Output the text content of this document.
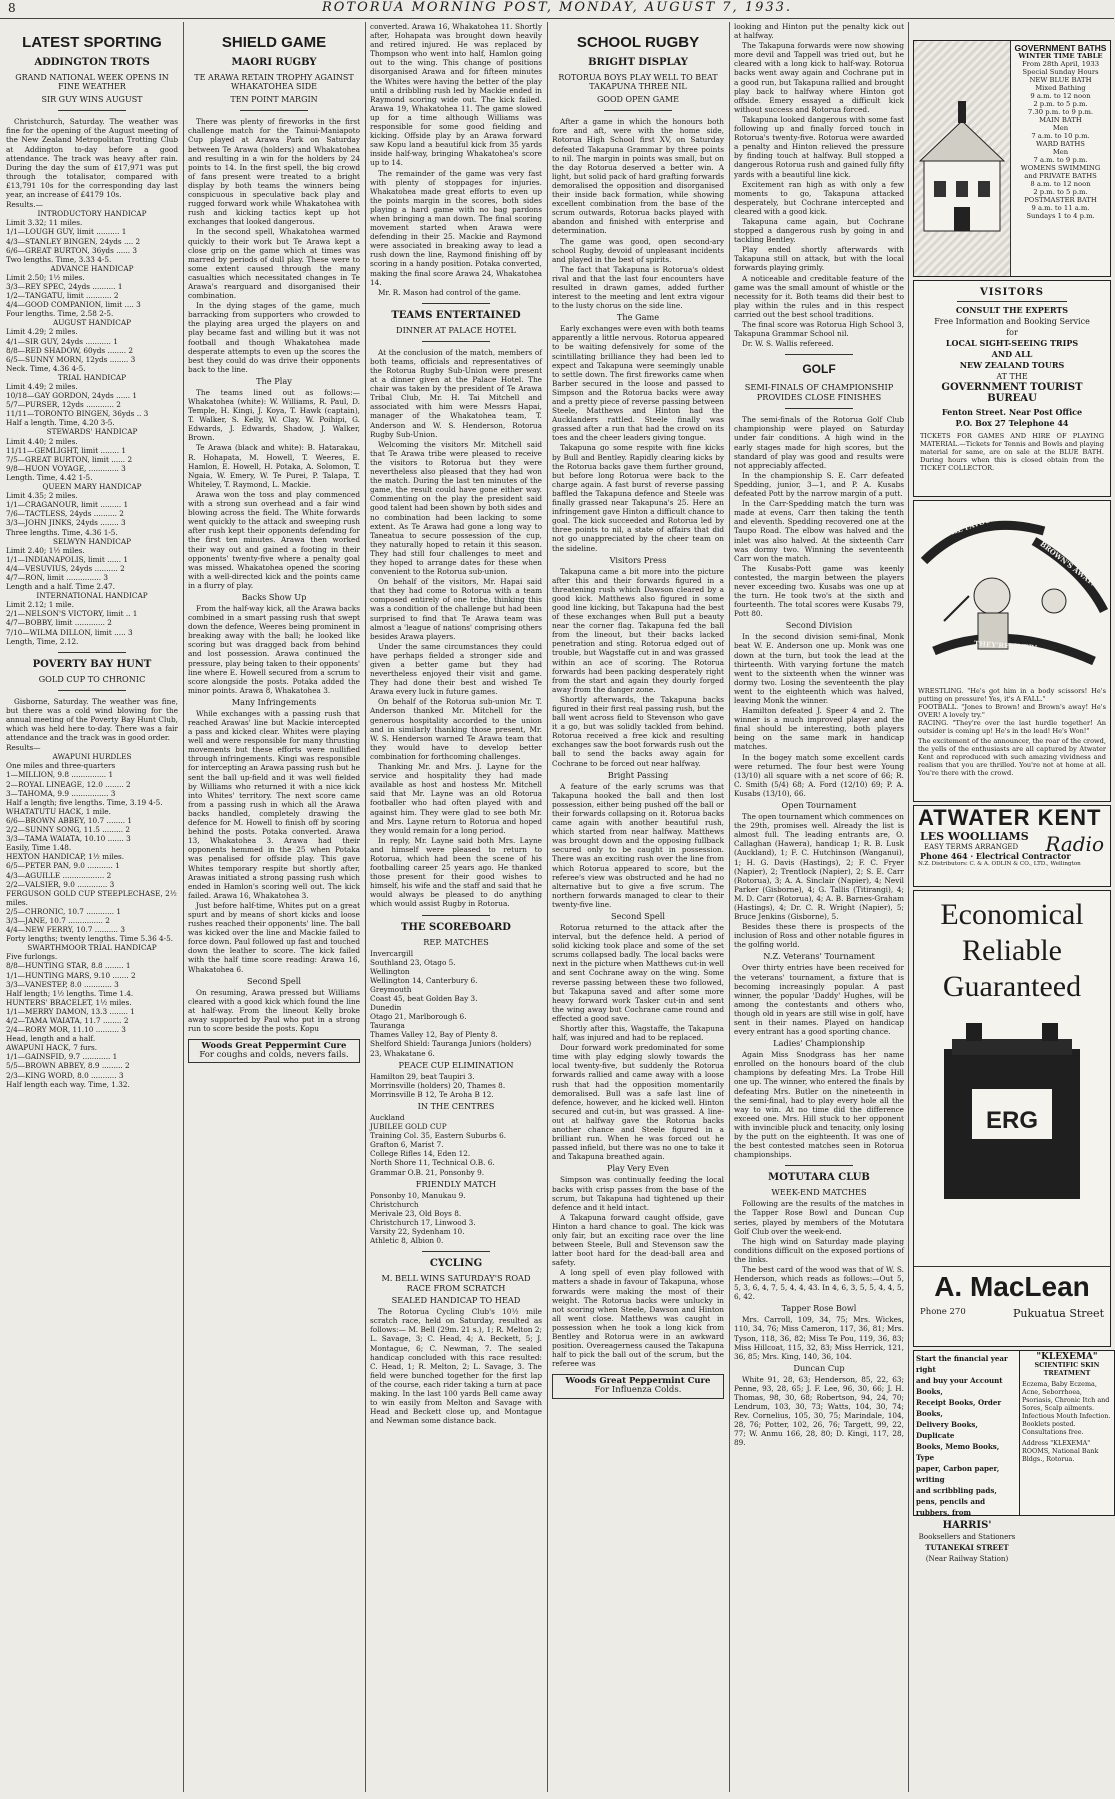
8	ROTORUA MORNING POST, MONDAY, AUGUST 7, 1933.
LATEST SPORTING
ADDINGTON TROTS
GRAND NATIONAL WEEK OPENS IN FINE WEATHER
SIR GUY WINS AUGUST

Christchurch, Saturday. The weather was fine for the opening of the August meeting of the New Zealand Metropolitan Trotting Club at Addington to-day before a good attendance. The track was heavy after rain. During the day the sum of £17,971 was put through the totalisator, compared with £13,791 10s for the corresponding day last year, an increase of £4179 10s.

Results.—
INTRODUCTORY HANDICAP
Limit 3.32; 11 miles.
1/1—LOUGH GUY, limit .......... 1
4/3—STANLEY BINGEN, 24yds .... 2
6/6—GREAT BURTON, 36yds ...... 3
Two lengths. Time, 3.33 4-5.
ADVANCE HANDICAP
Limit 2.50; 1½ miles.
3/3—REY SPEC, 24yds .......... 1
1/2—TANGATU, limit ........... 2
4/4—GOOD COMPANION, limit .... 3
Four lengths. Time, 2.58 2-5.
AUGUST HANDICAP
Limit 4.29; 2 miles.
4/1—SIR GUY, 24yds ........... 1
8/8—RED SHADOW, 60yds ........ 2
6/5—SUNNY MORN, 12yds ........ 3
Neck. Time, 4.36 4-5.
TRIAL HANDICAP
Limit 4.49; 2 miles.
10/18—GAY GORDON, 24yds ...... 1
5/7—PURSER, 12yds ............ 2
11/11—TORONTO BINGEN, 36yds .. 3
Half a length. Time, 4.20 3-5.
STEWARDS' HANDICAP
Limit 4.40; 2 miles.
11/11—GEMLIGHT, limit ........ 1
7/5—GREAT BURTON, limit ...... 2
9/8—HUON VOYAGE, ............. 3
Length. Time, 4.42 1-5.
QUEEN MARY HANDICAP
Limit 4.35; 2 miles.
1/1—CRAGANOUR, limit ......... 1
7/6—TACTLESS, 24yds .......... 2
3/3—JOHN JINKS, 24yds ........ 3
Three lengths. Time, 4.36 1-5.
SELWYN HANDICAP
Limit 2.40; 1½ miles.
1/1—INDIANAPOLIS, limit ...... 1
4/4—VESUVIUS, 24yds .......... 2
4/7—RON, limit ............... 3
Length and a half. Time 2.47.
INTERNATIONAL HANDICAP
Limit 2.12; 1 mile.
2/1—NELSON'S VICTORY, limit .. 1
4/7—BOBBY, limit ............. 2
7/10—WILMA DILLON, limit ..... 3
Length, Time, 2.12.
POVERTY BAY HUNT
GOLD CUP TO CHRONIC

Gisborne, Saturday. The weather was fine, but there was a cold wind blowing for the annual meeting of the Poverty Bay Hunt Club, which was held here to-day. There was a fair attendance and the track was in good order.

Results—
AWAPUNI HURDLES
One miles and three-quarters
1—MILLION, 9.8 ............... 1
2—ROYAL LINEAGE, 12.0 ........ 2
3—TAHOMA, 9.9 ................ 3
Half a length; five lengths. Time, 3.19 4-5.
WHATATUTU HACK, 1 mile.
6/6—BROWN ABBEY, 10.7 ........ 1
2/2—SUNNY SONG, 11.5 ......... 2
3/3—TAMA WAIATA, 10.10 ....... 3
Easily, Time 1.48.
HEXTON HANDICAP, 1½ miles.
6/5—PETER PAN, 9.0 ........... 1
4/3—AGUILLE .................. 2
2/2—VALSIER, 9.0 ............. 3
FERGUSON GOLD CUP STEEPLECHASE, 2½ miles.
2/5—CHRONIC, 10.7 ............ 1
3/3—JANE, 10.7 ............... 2
4/4—NEW FERRY, 10.7 .......... 3
Forty lengths; twenty lengths. Time 5.36 4-5.
SWARTHMOOR TRIAL HANDICAP
Five furlongs.
8/8—HUNTING STAR, 8.8 ........ 1
1/1—HUNTING MARS, 9.10 ....... 2
3/3—VANESTEP, 8.0 ............ 3
Half length; 1½ lengths. Time 1.4.
HUNTERS' BRACELET, 1½ miles.
1/1—MERRY DAMON, 13.3 ........ 1
4/2—TAMA WAIATA, 11.7 ........ 2
2/4—RORY MOR, 11.10 .......... 3
Head, length and a half.
AWAPUNI HACK, 7 furs.
1/1—GAINSFID, 9.7 ............ 1
5/5—BROWN ABBEY, 8.9 ......... 2
2/3—KING WORD, 8.0 ........... 3
Half length each way. Time, 1.32.
SHIELD GAME
MAORI RUGBY
TE ARAWA RETAIN TROPHY AGAINST WHAKATOHEA SIDE
TEN POINT MARGIN

There was plenty of fireworks in the first challenge match for the Tainui-Maniapoto Cup played at Arawa Park on Saturday between Te Arawa (holders) and Whakatohea and resulting in a win for the holders by 24 points to 14. In the first spell, the big crowd of fans present were treated to a bright display by both teams the winners being conspicuous in speculative back play and rugged forward work while Whakatohea with rush and kicking tactics kept up hot exchanges that looked dangerous.

In the second spell, Whakatohea warmed quickly to their work but Te Arawa kept a close grip on the game which at times was marred by periods of dull play. These were to some extent caused through the many casualties which necessitated changes in Te Arawa's rearguard and disorganised their combination.

In the dying stages of the game, much barracking from supporters who crowded to the playing area urged the players on and play became fast and willing but it was not football and though Whakatohea made desperate attempts to even up the scores the best they could do was drive their opponents back to the line.

The Play

The teams lined out as follows:— Whakatohea (white): W. Williams, R. Paul, D. Temple, H. Kingi, J. Koya, T. Hawk (captain), T. Walker, S. Kelly, W. Clay, W. Poihipi, G. Edwards, J. Edwards, Shadow, J. Walker, Brown.

Te Arawa (black and white): B. Hatarakau, R. Hohapata, M. Howell, T. Weeres, E. Hamlon, E. Howell, H. Potaka, A. Solomon, T. Ngaia, W. Emery, W. Te Purei, P. Talapa, T. Whiteley, T. Raymond, L. Mackie.

Arawa won the toss and play commenced with a strong sun overhead and a fair wind blowing across the field. The White forwards went quickly to the attack and sweeping rush after rush kept their opponents defending for the first ten minutes. Arawa then worked their way out and gained a footing in their opponents' twenty-five where a penalty goal was missed. Whakatohea opened the scoring with a well-directed kick and the points came in a flurry of play.

Backs Show Up

From the half-way kick, all the Arawa backs combined in a smart passing rush that swept down the defence, Weeres being prominent in breaking away with the ball; he looked like scoring but was dragged back from behind and lost possession. Arawa continued the pressure, play being taken to their opponents' line where E. Howell secured from a scrum to score alongside the posts. Potaka added the minor points. Arawa 8, Whakatohea 3.

Many Infringements

While exchanges with a passing rush that reached Arawas' line but Mackie intercepted a pass and kicked clear. Whites were playing well and were responsible for many thrusting movements but these efforts were nullified through infringements. Kingi was responsible for intercepting an Arawa passing rush but he sent the ball up-field and it was well fielded by Williams who returned it with a nice kick into Whites' territory. The next score came from a passing rush in which all the Arawa backs handled, completely drawing the defence for M. Howell to finish off by scoring behind the posts. Potaka converted. Arawa 13, Whakatohea 3. Arawa had their opponents hemmed in the 25 when Potaka was penalised for offside play. This gave Whites temporary respite but shortly after, Arawas initiated a strong passing rush which ended in Hamlon's scoring well out. The kick failed. Arawa 16, Whakatohea 3.

Just before half-time, Whites put on a great spurt and by means of short kicks and loose rushes reached their opponents' line. The ball was kicked over the line and Mackie failed to force down. Paul followed up fast and touched down the leather to score. The kick failed with the half time score reading: Arawa 16, Whakatohea 6.

Second Spell

On resuming, Arawa pressed but Williams cleared with a good kick which found the line at half-way. From the lineout Kelly broke away supported by Paul who put in a strong run to score beside the posts. Kopu

Woods Great Peppermint Cure
For coughs and colds, nevers fails.

converted. Arawa 16, Whakatohea 11. Shortly after, Hohapata was brought down heavily and retired injured. He was replaced by Thompson who went into half, Hamlon going out to the wing. This change of positions disorganised Arawa and for fifteen minutes the Whites were having the better of the play until a dribbling rush led by Mackie ended in Raymond scoring wide out. The kick failed. Arawa 19, Whakatohea 11. The game slowed up for a time although Williams was responsible for some good fielding and kicking. Offside play by an Arawa forward saw Kopu land a beautiful kick from 35 yards inside half-way, bringing Whakatohea's score up to 14.

The remainder of the game was very fast with plenty of stoppages for injuries. Whakatohea made great efforts to even up the points margin in the scores, both sides playing a hard game with no bag pardons when bringing a man down. The final scoring movement started when Arawa were defending in their 25. Mackie and Raymond were associated in breaking away to lead a rush down the line, Raymond finishing off by scoring in a handy position. Potaka converted, making the final score Arawa 24, Whakatohea 14.

Mr. R. Mason had control of the game.

TEAMS ENTERTAINED
DINNER AT PALACE HOTEL

At the conclusion of the match, members of both teams, officials and representatives of the Rotorua Rugby Sub-Union were present at a dinner given at the Palace Hotel. The chair was taken by the president of Te Arawa Tribal Club, Mr. H. Tai Mitchell and associated with him were Messrs Hapai, manager of the Whakatohea team, T. Anderson and W. S. Henderson, Rotorua Rugby Sub-Union.

Welcoming the visitors Mr. Mitchell said that Te Arawa tribe were pleased to receive the visitors to Rotorua but they were nevertheless also pleased that they had won the match. During the last ten minutes of the game, the result could have gone either way. Commenting on the play the president said good talent had been shown by both sides and no combination had been lacking to some extent. As Te Arawa had gone a long way to Taneatua to secure possession of the cup, they naturally hoped to retain it this season. They had still four challenges to meet and they hoped to arrange dates for these when convenient to the Rotorua sub-union.

On behalf of the visitors, Mr. Hapai said that they had come to Rotorua with a team composed entirely of one tribe, thinking this was a condition of the challenge but had been surprised to find that Te Arawa team was almost a 'league of nations' comprising others besides Arawa players.

Under the same circumstances they could have perhaps fielded a stronger side and given a better game but they had nevertheless enjoyed their visit and game. They had done their best and wished Te Arawa every luck in future games.

On behalf of the Rotorua sub-union Mr. T. Anderson thanked Mr. Mitchell for the generous hospitality accorded to the union and in similarly thanking those present, Mr. W. S. Henderson warned Te Arawa team that they would have to develop better combination for forthcoming challenges.

Thanking Mr. and Mrs. J. Layne for the service and hospitality they had made available as host and hostess Mr. Mitchell said that Mr. Layne was an old Rotorua footballer who had often played with and against him. They were glad to see both Mr. and Mrs. Layne return to Rotorua and hoped they would remain for a long period.

In reply, Mr. Layne said both Mrs. Layne and himself were pleased to return to Rotorua, which had been the scene of his footballing career 25 years ago. He thanked those present for their good wishes to himself, his wife and the staff and said that he would always be pleased to do anything which would assist Rugby in Rotorua.

THE SCOREBOARD
REP. MATCHES
Invercargill
Southland 23, Otago 5.
Wellington
Wellington 14, Canterbury 6.
Greymouth
Coast 45, beat Golden Bay 3.
Dunedin
Otago 21, Marlborough 6.
Tauranga
Thames Valley 12, Bay of Plenty 8.
Shelford Shield: Tauranga Juniors (holders) 23, Whakatane 6.
PEACE CUP ELIMINATION
Hamilton 29, beat Taupiri 3.
Morrinsville (holders) 20, Thames 8.
Morrinsville B 12, Te Aroha B 12.
IN THE CENTRES
Auckland
JUBILEE GOLD CUP
Training Col. 35, Eastern Suburbs 6.
Grafton 6, Marist 7.
College Rifles 14, Eden 12.
North Shore 11, Technical O.B. 6.
Grammar O.B. 21, Ponsonby 9.
FRIENDLY MATCH
Ponsonby 10, Manukau 9.
Christchurch
Merivale 23, Old Boys 8.
Christchurch 17, Linwood 3.
Varsity 22, Sydenham 10.
Athletic 8, Albion 0.
CYCLING
M. BELL WINS SATURDAY'S ROAD RACE FROM SCRATCH
SEALED HANDICAP TO HEAD

The Rotorua Cycling Club's 10½ mile scratch race, held on Saturday, resulted as follows:— M. Bell (29m. 21 s.), 1; R. Melton 2; L. Savage, 3; C. Head, 4; A. Beckett, 5; J. Montague, 6; C. Newman, 7. The sealed handicap concluded with this race resulted: C. Head, 1; R. Melton, 2; L. Savage, 3. The field were bunched together for the first lap of the course, each rider taking a turn at pace making. In the last 100 yards Bell came away to win easily from Melton and Savage with Head and Beckett close up, and Montague and Newman some distance back.

SCHOOL RUGBY
BRIGHT DISPLAY
ROTORUA BOYS PLAY WELL TO BEAT TAKAPUNA THREE NIL
GOOD OPEN GAME

After a game in which the honours both fore and aft, were with the home side, Rotorua High School first XV, on Saturday defeated Takapuna Grammar by three points to nil. The margin in points was small, but on the day Rotorua deserved a better win. A light, but solid pack of hard grafting forwards demoralised the opposition and disorganised their inside back formation, while showing excellent combination from the base of the scrum outwards, Rotorua backs played with abandon and finished with enterprise and determination.

The game was good, open second-ary school Rugby, devoid of unpleasant incidents and played in the best of spirits.

The fact that Takapuna is Rotorua's oldest rival and that the last four encounters have resulted in drawn games, added further interest to the meeting and lent extra vigour to the lusty chorus on the side line.

The Game

Early exchanges were even with both teams apparently a little nervous. Rotorua appeared to be waiting defensively for some of the scintillating brilliance they had been led to expect and Takapuna were seemingly unable to settle down. The first fireworks came when Barber secured in the loose and passed to Simpson and the Rotorua backs were away and a pretty piece of reverse passing between Steele, Matthews and Hinton had the Aucklanders rattled. Steele finally was grassed after a run that had the crowd on its toes and the cheer leaders giving tongue.

Takapuna go some respite with fine kicks by Bull and Bentley. Rapidly clearing kicks by the Rotorua backs gave them further ground, but before long Rotorua were back to the charge again. A fast burst of reverse passing baffled the Takapuna defence and Steele was finally grassed near Takapuna's 25. Here an infringement gave Hinton a difficult chance to goal. The kick succeeded and Rotorua led by three points to nil, a state of affairs that did not go unappreciated by the cheer team on the sideline.

Visitors Press

Takapuna came a bit more into the picture after this and their forwards figured in a threatening rush which Dawson cleared by a good kick. Matthews also figured in some good line kicking, but Takapuna had the best of these exchanges when Bull put a beauty near the corner flag. Takapuna fed the ball from the lineout, but their backs lacked penetration and sting. Rotorua edged out of trouble, but Wagstaffe cut in and was grassed within an ace of scoring. The Rotorua forwards had been packing desperately right from the start and again they dourly forged away from the danger zone.

Shortly afterwards, the Takapuna backs figured in their first real passing rush, but the ball went across field to Stevenson who gave it a go, but was solidly tackled from behind. Rotorua received a free kick and resulting exchanges saw the boot forwards rush out the ball to send the backs away again for Cochrane to be forced out near halfway.

Bright Passing

A feature of the early scrums was that Takapuna hooked the ball and then lost possession, either being pushed off the ball or their forwards collapsing on it. Rotorua backs came again with another beautiful rush, which started from near halfway. Matthews was brought down and the opposing fullback secured only to be caught in possession. There was an exciting rush over the line from which Rotorua appeared to score, but the referee's view was obstructed and he had no alternative but to give a five scrum. The northern forwards managed to clear to their twenty-five line.

Second Spell

Rotorua returned to the attack after the interval, but the defence held. A period of solid kicking took place and some of the set scrums collapsed badly. The local backs were next in the picture when Matthews cut-in well and sent Cochrane away on the wing. Some reverse passing between these two followed, but Takapuna saved and after some more heavy forward work Tasker cut-in and sent the wing away but Cochrane came round and effected a good save.

Shortly after this, Wagstaffe, the Takapuna half, was injured and had to be replaced.

Dour forward work predominated for some time with play edging slowly towards the local twenty-five, but suddenly the Rotorua forwards rallied and came away with a loose rush that had the opposition momentarily demoralised. Bull was a safe last line of defence, however, and he kicked well. Hinton secured and cut-in, but was grassed. A line-out at halfway gave the Rotorua backs another chance and Steele figured in a brilliant run. When he was forced out he passed infield, but there was no one to take it and Takapuna breathed again.

Play Very Even

Simpson was continually feeding the local backs with crisp passes from the base of the scrum, but Takapuna had tightened up their defence and it held intact.

A Takapuna forward caught offside, gave Hinton a hard chance to goal. The kick was only fair, but an exciting race over the line between Steele, Bull and Stevenson saw the latter boot hard for the dead-ball area and safety.

A long spell of even play followed with matters a shade in favour of Takapuna, whose forwards were making the most of their weight. The Rotorua backs were unlucky in not scoring when Steele, Dawson and Hinton all went close. Matthews was caught in possession when he took a long kick from Bentley and Rotorua were in an awkward position. Overeagerness caused the Takapuna half to pick the ball out of the scrum, but the referee was

Woods Great Peppermint Cure
For Influenza Colds.

looking and Hinton put the penalty kick out at halfway.

The Takapuna forwards were now showing more devil and Tappell was tried out, but he cleared with a long kick to half-way. Rotorua backs went away again and Cochrane put in a good run, but Takapuna rallied and brought play back to halfway where Hinton got offside. Emery essayed a difficult kick without success and Rotorua forced.

Takapuna looked dangerous with some fast following up and finally forced touch in Rotorua's twenty-five. Rotorua were awarded a penalty and Hinton relieved the pressure by finding touch at halfway. Bull stopped a dangerous Rotorua rush and gained fully fifty yards with a beautiful line kick.

Excitement ran high as with only a few moments to go, Takapuna attacked desperately, but Cochrane intercepted and cleared with a good kick.

Takapuna came again, but Cochrane stopped a dangerous rush by going in and tackling Bentley.

Play ended shortly afterwards with Takapuna still on attack, but with the local forwards playing grimly.

A noticeable and creditable feature of the game was the small amount of whistle or the necessity for it. Both teams did their best to play within the rules and in this respect carried out the best school traditions.

The final score was Rotorua High School 3, Takapuna Grammar School nil.

Dr. W. S. Wallis refereed.

GOLF
SEMI-FINALS OF CHAMPIONSHIP PROVIDES CLOSE FINISHES

The semi-finals of the Rotorua Golf Club championship were played on Saturday under fair conditions. A high wind in the early stages made for high scores, but the standard of play was good and results were not appreciably affected.

In the championship S. E. Carr defeated Spedding, junior, 3—1, and P. A. Kusabs defeated Pott by the narrow margin of a putt.

In the Carr-Spedding match the turn was made at evens, Carr then taking the tenth and eleventh. Spedding recovered one at the Taupo Road. The elbow was halved and the inlet was also halved. At the sixteenth Carr was dormy two. Winning the seventeenth Carr won the match.

The Kusabs-Pott game was keenly contested, the margin between the players never exceeding two. Kusabs was one up at the turn. He took two's at the sixth and fourteenth. The total scores were Kusabs 79, Pott 80.

Second Division

In the second division semi-final, Monk beat W. E. Anderson one up. Monk was one down at the turn, but took the lead at the thirteenth. With varying fortune the match went to the sixteenth when the winner was dormy two. Losing the seventeenth the play went to the eighteenth which was halved, leaving Monk the winner.

Hamilton defeated J. Speer 4 and 2. The winner is a much improved player and the final should be interesting, both players being on the same mark in handicap matches.

In the bogey match some excellent cards were returned. The four best were Young (13/10) all square with a net score of 66; R. C. Smith (5/4) 68; A. Ford (12/10) 69; P. A. Kusabs (13/10), 66.

Open Tournament

The open tournament which commences on the 29th, promises well. Already the list is almost full. The leading entrants are, O. Callaghan (Hawera), handicap 1; R. B. Lusk (Auckland), 1; F. C. Hutchinson (Wanganui), 1; H. G. Davis (Hastings), 2; F. C. Fryer (Napier), 2; Trentlock (Napier), 2; S. E. Carr (Rotorua), 3; A. A. Sinclair (Napier), 4; Nevil Parker (Gisborne), 4; G. Tallis (Titirangi), 4; M. D. Carr (Rotorua), 4; A. B. Barnes-Graham (Hastings), 4; Dr. C. R. Wright (Napier), 5; Bruce Jenkins (Gisborne), 5.

Besides these there is prospects of the inclusion of Ross and other notable figures in the golfing world.

N.Z. Veterans' Tournament

Over thirty entries have been received for the veterans' tournament, a fixture that is becoming increasingly popular. A past winner, the popular 'Daddy' Hughes, will be among the contestants and others who, though old in years are still wise in golf, have sent in their names. Played on handicap every entrant has a good sporting chance.

Ladies' Championship

Again Miss Snodgrass has her name enrolled on the honours board of the club champions by defeating Mrs. La Trobe Hill one up. The winner, who entered the finals by defeating Mrs. Butler on the nineteenth in the semi-final, had to play every hole all the way to win. At no time did the difference exceed one. Mrs. Hill stuck to her opponent with invincible pluck and tenacity, only losing by the putt on the eighteenth. It was one of the best contested matches seen in Rotorua championships.

MOTUTARA CLUB
WEEK-END MATCHES

Following are the results of the matches in the Tapper Rose Bowl and Duncan Cup series, played by members of the Motutara Golf Club over the week-end.

The high wind on Saturday made playing conditions difficult on the exposed portions of the links.

The best card of the wood was that of W. S. Henderson, which reads as follows:—Out 5, 5, 3, 6, 4, 7, 5, 4, 4, 43. In 4, 6, 3, 5, 5, 4, 4, 5, 6, 42.

Tapper Rose Bowl

Mrs. Carroll, 109, 34, 75; Mrs. Wickes, 110, 34, 76; Miss Cameron, 117, 36, 81; Mrs. Tyson, 118, 36, 82; Miss Te Pou, 119, 36, 83; Miss Hillcoat, 115, 32, 83; Miss Herrick, 121, 36, 85; Mrs. King, 140, 36, 104.

Duncan Cup

White 91, 28, 63; Henderson, 85, 22, 63; Penne, 93, 28, 65; J. F. Lee, 96, 30, 66; J. H. Thomas, 98, 30, 68; Robertson, 94, 24, 70; Lendrum, 103, 30, 73; Watts, 104, 30, 74; Rev. Cornelius, 105, 30, 75; Marindale, 104, 28, 76; Potter, 102, 26, 76; Targett, 99, 22, 77; W. Anmu 166, 28, 80; D. Kingi, 117, 28, 89.

GOVERNMENT BATHS
WINTER TIME TABLE
From 28th April, 1933
Special Sunday Hours
NEW BLUE BATH
Mixed Bathing
9 a.m. to 12 noon
2 p.m. to 5 p.m.
7.30 p.m. to 9 p.m.
MAIN BATH
Men
7 a.m. to 10 p.m.
WARD BATHS
Men
7 a.m. to 9 p.m.
WOMENS SWIMMING
and PRIVATE BATHS
8 a.m. to 12 noon
2 p.m. to 5 p.m.
POSTMASTER BATH
9 a.m. to 11 a.m.
Sundays 1 to 4 p.m.
VISITORS
CONSULT THE EXPERTS
Free Information and Booking Service
for
LOCAL SIGHT-SEEING TRIPS
AND ALL
NEW ZEALAND TOURS
AT THE
GOVERNMENT TOURIST
BUREAU
Fenton Street. Near Post Office
P.O. Box 27 Telephone 44
TICKETS FOR GAMES AND HIRE OF PLAYING MATERIAL.—Tickets for Tennis and Bowls and playing material for same, are on sale at the BLUE BATH. During hours when this is closed obtain from the TICKET COLLECTOR.
LES'S THE FAVOURITE
BROWN'S AWAY!
THEY'RE OVER!
WRESTLING. "He's got him in a body scissors! He's putting on pressure! Yes, it's A FALL."
FOOTBALL. "Jones to Brown! and Brown's away! He's OVER! A lovely try."
RACING. "They're over the last hurdle together! An outsider is coming up! He's in the lead! He's Won!"
The excitement of the announcer, the roar of the crowd, the yells of the enthusiasts are all captured by Atwater Kent and reproduced with such amazing vividness and realism that you are thrilled. You're not at home at all. You're there with the crowd.
ATWATER KENT
Radio
LES WOOLLIAMS
EASY TERMS ARRANGED
Phone 464 · Electrical Contractor
N.Z. Distributors: C. & A. ODLIN & CO., LTD., Wellington
Economical
Reliable
Guaranteed
ERG
A. MacLean
Phone 270	Pukuatua Street
Start the financial year right
and buy your Account Books,
Receipt Books, Order Books,
Delivery Books, Duplicate
Books, Memo Books, Type
paper, Carbon paper, writing
and scribbling pads, pens, pencils and rubbers, from
HARRIS'
Booksellers and Stationers
TUTANEKAI STREET
(Near Railway Station)
"KLEXEMA"
SCIENTIFIC SKIN TREATMENT
Eczema, Baby Eczema, Acne, Seborrhoea, Psoriasis, Chronic Itch and Sores, Scalp ailments. Infectious Mouth Infection. Booklets posted. Consultations free.
Address "KLEXEMA" ROOMS, National Bank Bldgs., Rotorua.
